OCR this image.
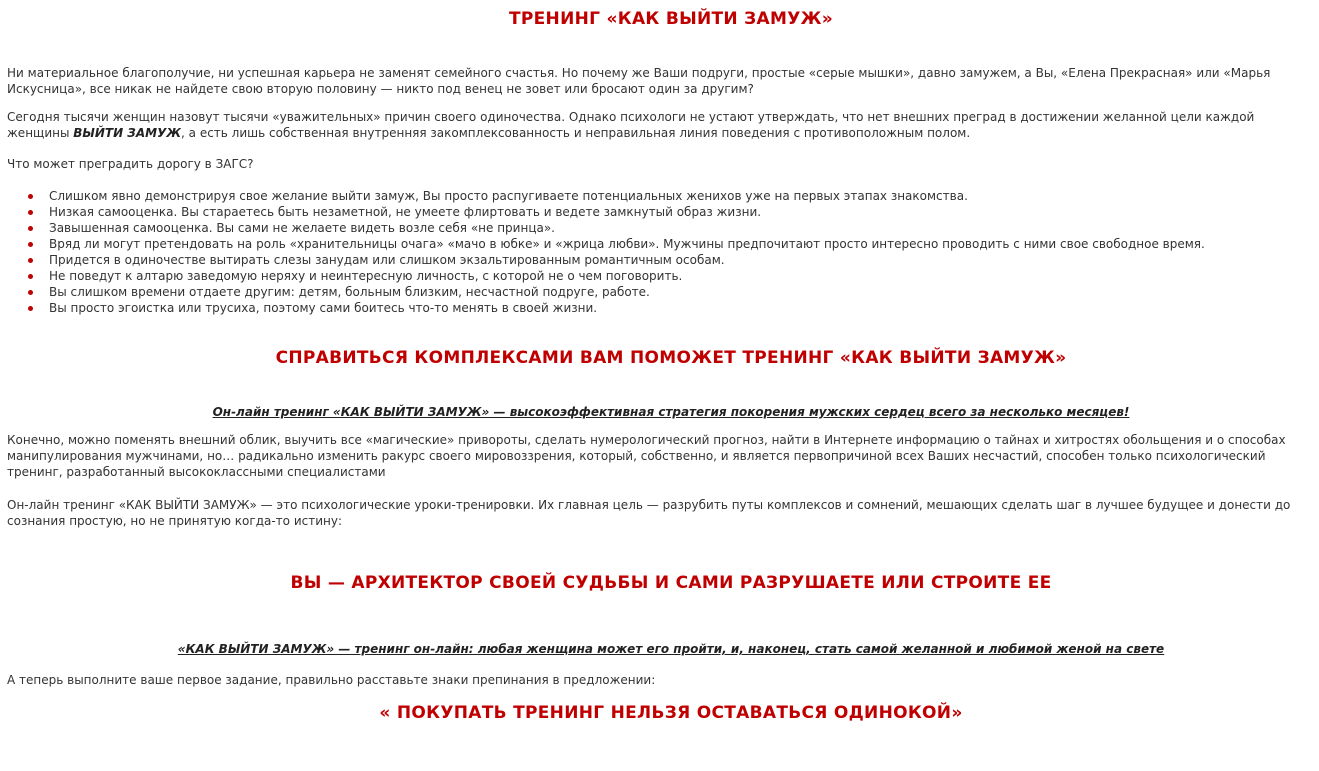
ТРЕНИНГ «КАК ВЫЙТИ ЗАМУЖ»

Ни материальное благополучие, ни успешная карьера не заменят семейного счастья. Но почему же Ваши подруги, простые «серые мышки», давно замужем, а Вы, «Елена Прекрасная» или «Марья Искусница», все никак не найдете свою вторую половину — никто под венец не зовет или бросают один за другим?

Сегодня тысячи женщин назовут тысячи «уважительных» причин своего одиночества. Однако психологи не устают утверждать, что нет внешних преград в достижении желанной цели каждой женщины ВЫЙТИ ЗАМУЖ, а есть лишь собственная внутренняя закомплексованность и неправильная линия поведения с противоположным полом.

Что может преградить дорогу в ЗАГС?

Слишком явно демонстрируя свое желание выйти замуж, Вы просто распугиваете потенциальных женихов уже на первых этапах знакомства.
Низкая самооценка. Вы стараетесь быть незаметной, не умеете флиртовать и ведете замкнутый образ жизни.
Завышенная самооценка. Вы сами не желаете видеть возле себя «не принца».
Вряд ли могут претендовать на роль «хранительницы очага» «мачо в юбке» и «жрица любви». Мужчины предпочитают просто интересно проводить с ними свое свободное время.
Придется в одиночестве вытирать слезы занудам или слишком экзальтированным романтичным особам.
Не поведут к алтарю заведомую неряху и неинтересную личность, с которой не о чем поговорить.
Вы слишком времени отдаете другим: детям, больным близким, несчастной подруге, работе.
Вы просто эгоистка или трусиха, поэтому сами боитесь что-то менять в своей жизни.
СПРАВИТЬСЯ КОМПЛЕКСАМИ ВАМ ПОМОЖЕТ ТРЕНИНГ «КАК ВЫЙТИ ЗАМУЖ»
Он-лайн тренинг «КАК ВЫЙТИ ЗАМУЖ» — высокоэффективная стратегия покорения мужских сердец всего за несколько месяцев!

Конечно, можно поменять внешний облик, выучить все «магические» привороты, сделать нумерологический прогноз, найти в Интернете информацию о тайнах и хитростях обольщения и о способах манипулирования мужчинами, но… радикально изменить ракурс своего мировоззрения, который, собственно, и является первопричиной всех Ваших несчастий, способен только психологический тренинг, разработанный высококлассными специалистами

Он-лайн тренинг «КАК ВЫЙТИ ЗАМУЖ» — это психологические уроки-тренировки. Их главная цель — разрубить путы комплексов и сомнений, мешающих сделать шаг в лучшее будущее и донести до сознания простую, но не принятую когда-то истину:

ВЫ — АРХИТЕКТОР СВОЕЙ СУДЬБЫ И САМИ РАЗРУШАЕТЕ ИЛИ СТРОИТЕ ЕЕ
«КАК ВЫЙТИ ЗАМУЖ» — тренинг он-лайн: любая женщина может его пройти, и, наконец, стать самой желанной и любимой женой на свете

А теперь выполните ваше первое задание, правильно расставьте знаки препинания в предложении:

« ПОКУПАТЬ ТРЕНИНГ НЕЛЬЗЯ ОСТАВАТЬСЯ ОДИНОКОЙ»
